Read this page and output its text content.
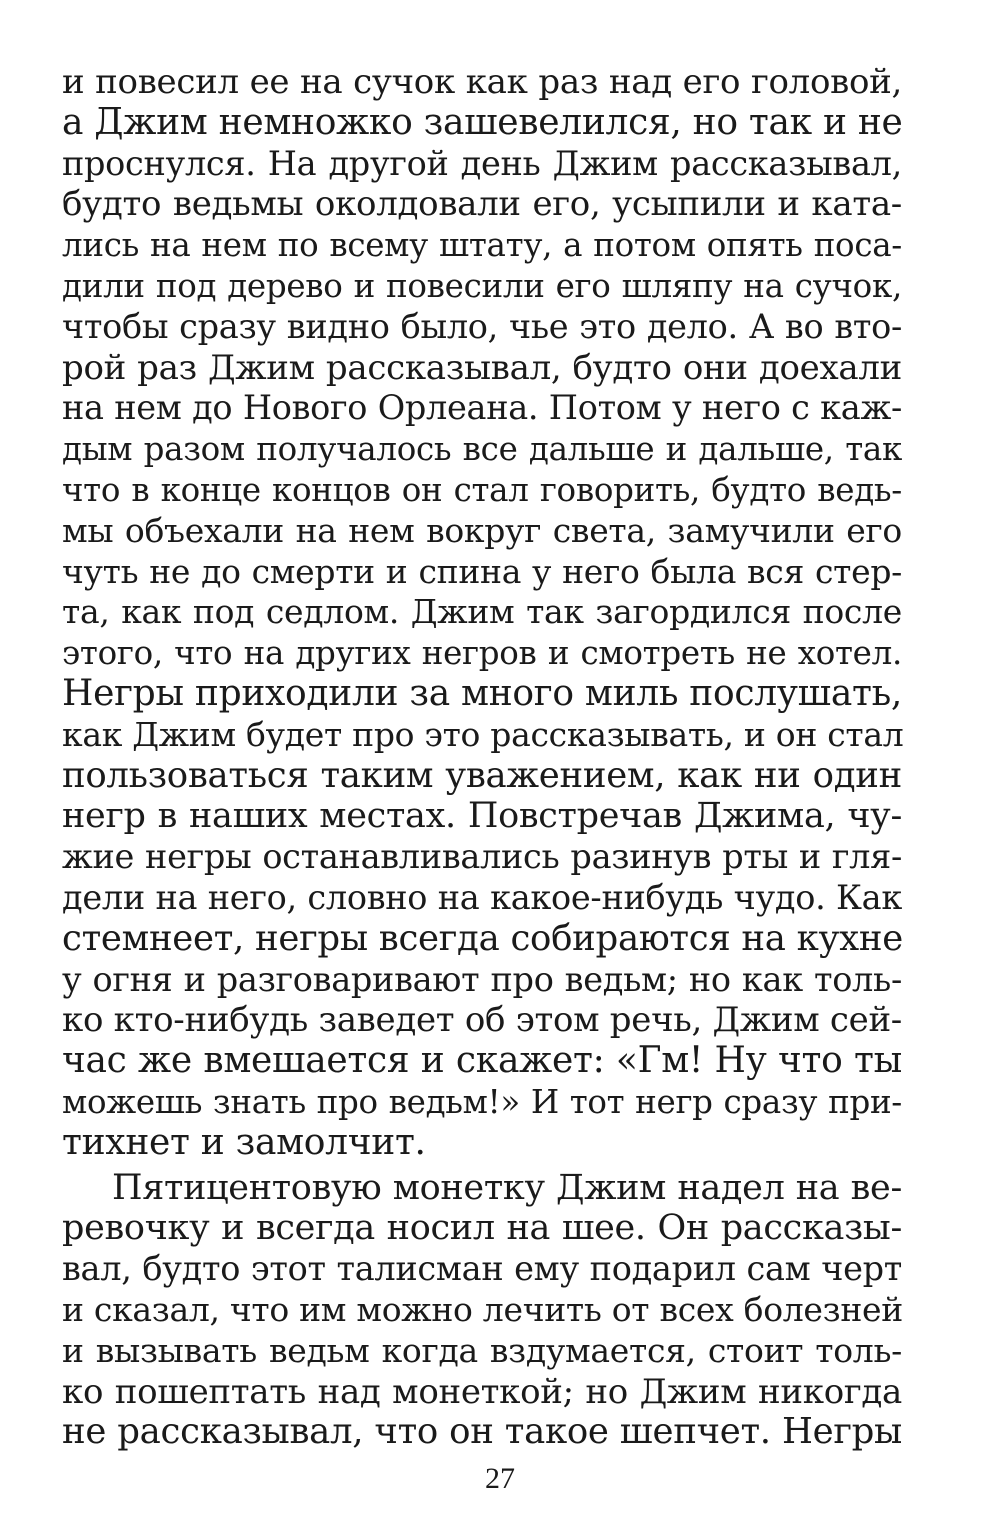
и повесил ее на сучок как раз над его головой,
а Джим немножко зашевелился, но так и не
проснулся. На другой день Джим рассказывал,
будто ведьмы околдовали его, усыпили и ката-
лись на нем по всему штату, а потом опять поса-
дили под дерево и повесили его шляпу на сучок,
чтобы сразу видно было, чье это дело. А во вто-
рой раз Джим рассказывал, будто они доехали
на нем до Нового Орлеана. Потом у него с каж-
дым разом получалось все дальше и дальше, так
что в конце концов он стал говорить, будто ведь-
мы объехали на нем вокруг света, замучили его
чуть не до смерти и спина у него была вся стер-
та, как под седлом. Джим так загордился после
этого, что на других негров и смотреть не хотел.
Негры приходили за много миль послушать,
как Джим будет про это рассказывать, и он стал
пользоваться таким уважением, как ни один
негр в наших местах. Повстречав Джима, чу-
жие негры останавливались разинув рты и гля-
дели на него, словно на какое-нибудь чудо. Как
стемнеет, негры всегда собираются на кухне
у огня и разговаривают про ведьм; но как толь-
ко кто-нибудь заведет об этом речь, Джим сей-
час же вмешается и скажет: «Гм! Ну что ты
можешь знать про ведьм!» И тот негр сразу при-
тихнет и замолчит.
Пятицентовую монетку Джим надел на ве-
ревочку и всегда носил на шее. Он рассказы-
вал, будто этот талисман ему подарил сам черт
и сказал, что им можно лечить от всех болезней
и вызывать ведьм когда вздумается, стоит толь-
ко пошептать над монеткой; но Джим никогда
не рассказывал, что он такое шепчет. Негры
27
